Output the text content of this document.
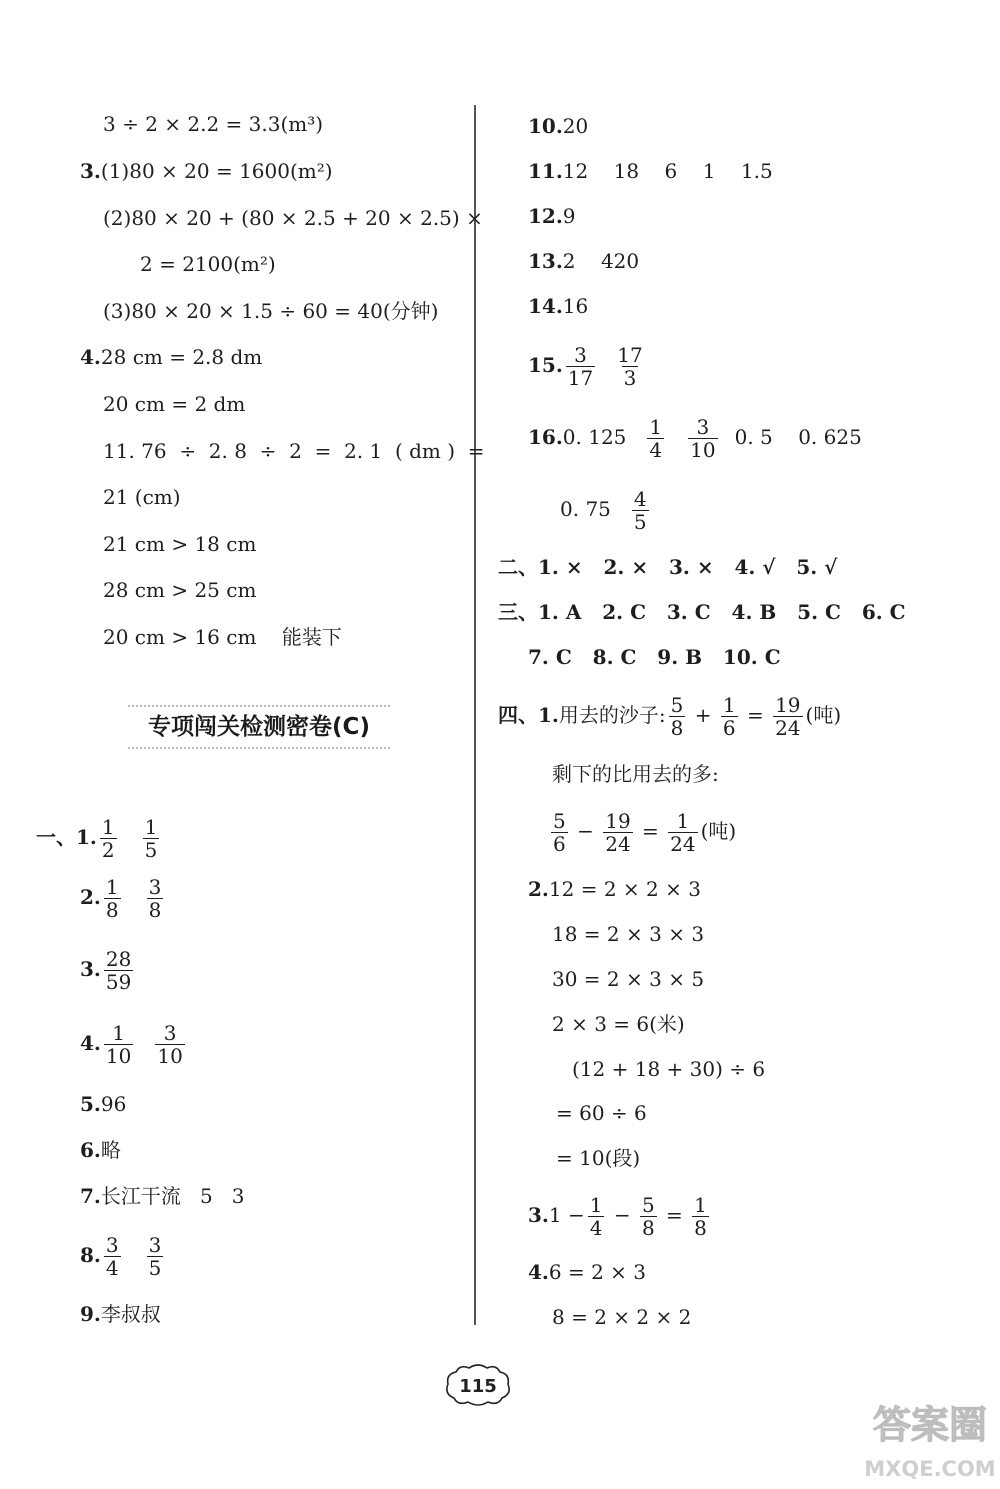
3 ÷ 2 × 2.2 = 3.3(m³)
3.(1)80 × 20 = 1600(m²)
(2)80 × 20 + (80 × 2.5 + 20 × 2.5) ×
2 = 2100(m²)
(3)80 × 20 × 1.5 ÷ 60 = 40(分钟)
4.28 cm = 2.8 dm
20 cm = 2 dm
11. 76  ÷  2. 8  ÷  2  =  2. 1  ( dm )  =
21 (cm)
21 cm > 18 cm
28 cm > 25 cm
20 cm > 16 cm    能装下
专项闯关检测密卷(C)
一、1. $\frac{1}{2} \frac{1}{5}$
2. $\frac{1}{8} \frac{3}{8}$
3. $\frac{28}{59}$
4. $\frac{1}{10} \frac{3}{10}$
5.96
6.略
7.长江干流   5   3
8. $\frac{3}{4} \frac{3}{5}$
9.李叔叔
10.20
11.12    18    6    1    1.5
12.9
13.2    420
14.16
15. $\frac{3}{17} \frac{17}{3}$
16.0. $125 \frac{1}{4} \frac{3}{10} 0$. 5    0. 625
0. $75 \frac{4}{5}$
二、1. ×   2. ×   3. ×   4. √   5. √
三、1. A   2. C   3. C   4. B   5. C   6. C
7. C   8. C   9. B   10. C
四、1.用去的沙子: $\frac{5}{8} + \frac{1}{6} = \frac{19}{24}$ (吨)
剩下的比用去的多:
$\frac{5}{6} - \frac{19}{24} = \frac{1}{24}$ (吨)
2.12 = 2 × 2 × 3
18 = 2 × 3 × 3
30 = 2 × 3 × 5
2 × 3 = 6(米)
(12 + 18 + 30) ÷ 6
= 60 ÷ 6
= 10(段)
$3.1 - \frac{1}{4} - \frac{5}{8} = \frac{1}{8}$
4.6 = 2 × 3
8 = 2 × 2 × 2
115
答案圈
MXQE.COM
